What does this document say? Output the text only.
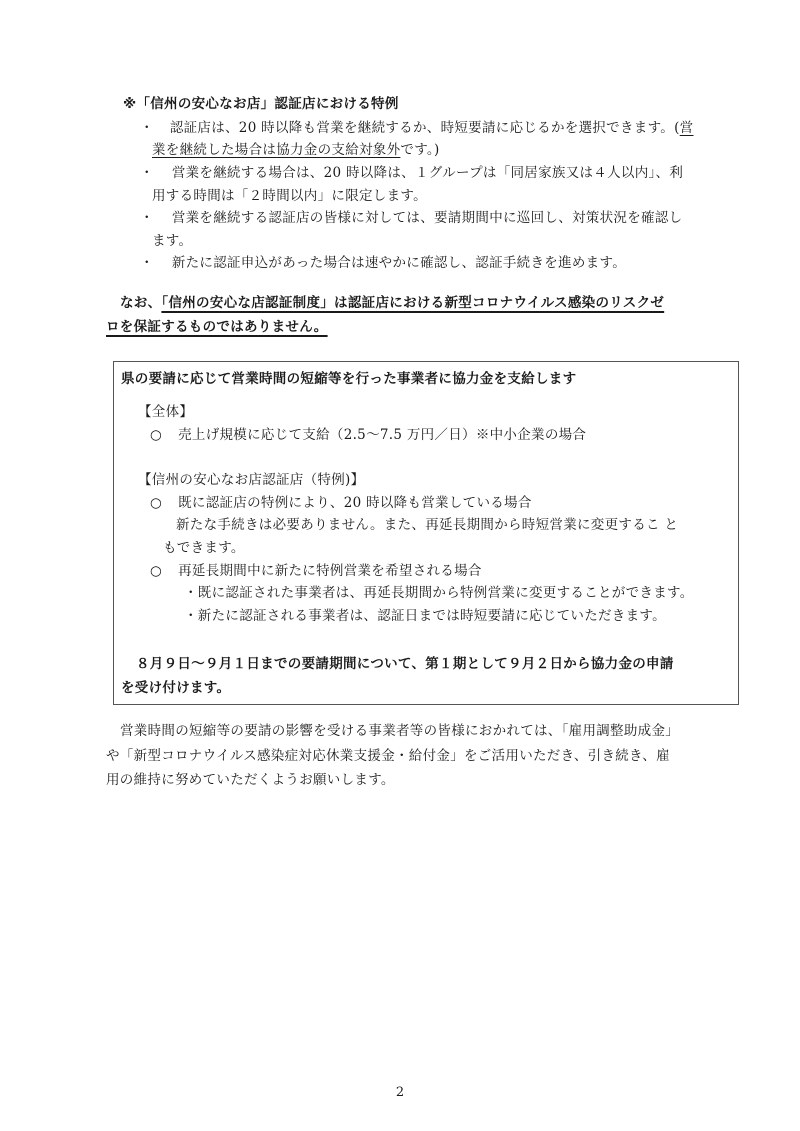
※「信州の安心なお店」認証店における特例
・ 認証店は、20 時以降も営業を継続するか、時短要請に応じるかを選択できます。(営
業を継続した場合は協力金の支給対象外です。)
・ 営業を継続する場合は、20 時以降は、１グループは「同居家族又は４人以内」、利
用する時間は「２時間以内」に限定します。
・ 営業を継続する認証店の皆様に対しては、要請期間中に巡回し、対策状況を確認し
ます。
・ 新たに認証申込があった場合は速やかに確認し、認証手続きを進めます。
なお、「信州の安心な店認証制度」は認証店における新型コロナウイルス感染のリスクゼ
ロを保証するものではありません。
県の要請に応じて営業時間の短縮等を行った事業者に協力金を支給します
【全体】
○ 売上げ規模に応じて支給（2.5～7.5 万円／日）※中小企業の場合
【信州の安心なお店認証店（特例)】
○ 既に認証店の特例により、20 時以降も営業している場合
新たな手続きは必要ありません。また、再延長期間から時短営業に変更するこ と
もできます。
○ 再延長期間中に新たに特例営業を希望される場合
・既に認証された事業者は、再延長期間から特例営業に変更することができます。
・新たに認証される事業者は、認証日までは時短要請に応じていただきます。
８月９日～９月１日までの要請期間について、第１期として９月２日から協力金の申請
を受け付けます。
営業時間の短縮等の要請の影響を受ける事業者等の皆様におかれては、「雇用調整助成金」
や「新型コロナウイルス感染症対応休業支援金・給付金」をご活用いただき、引き続き、雇
用の維持に努めていただくようお願いします。
2
